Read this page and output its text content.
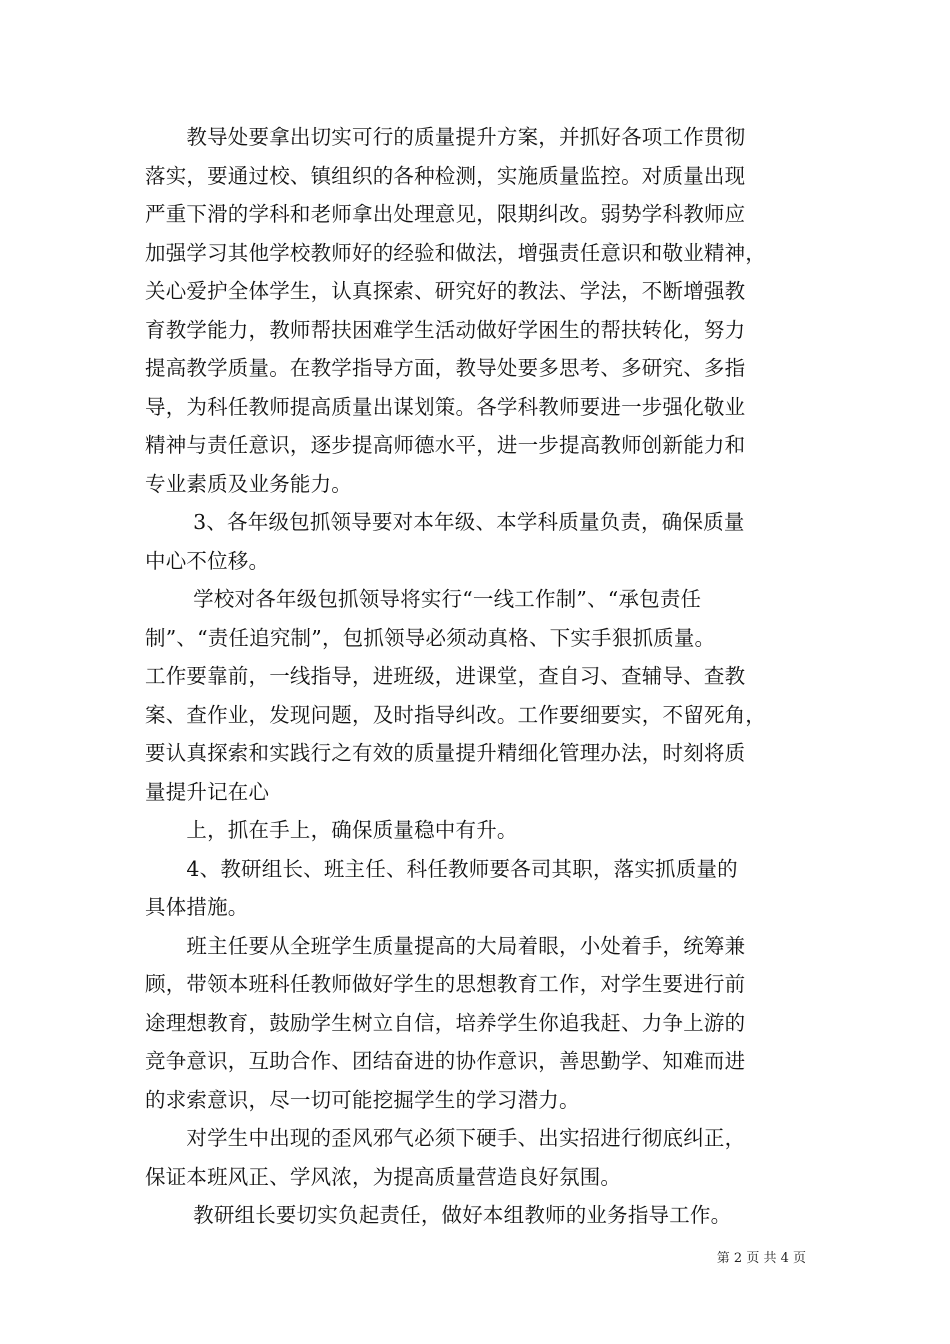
　　教导处要拿出切实可行的质量提升方案，并抓好各项工作贯彻
落实，要通过校、镇组织的各种检测，实施质量监控。对质量出现
严重下滑的学科和老师拿出处理意见，限期纠改。弱势学科教师应
加强学习其他学校教师好的经验和做法，增强责任意识和敬业精神，
关心爱护全体学生，认真探索、研究好的教法、学法，不断增强教
育教学能力，教师帮扶困难学生活动做好学困生的帮扶转化，努力
提高教学质量。在教学指导方面，教导处要多思考、多研究、多指
导，为科任教师提高质量出谋划策。各学科教师要进一步强化敬业
精神与责任意识，逐步提高师德水平，进一步提高教师创新能力和
专业素质及业务能力。
　　 3、各年级包抓领导要对本年级、本学科质量负责，确保质量
中心不位移。
　　 学校对各年级包抓领导将实行“一线工作制”、“承包责任
制”、“责任追究制”，包抓领导必须动真格、下实手狠抓质量。
工作要靠前，一线指导，进班级，进课堂，查自习、查辅导、查教
案、查作业，发现问题，及时指导纠改。工作要细要实，不留死角，
要认真探索和实践行之有效的质量提升精细化管理办法，时刻将质
量提升记在心
　　上，抓在手上，确保质量稳中有升。
　　4、教研组长、班主任、科任教师要各司其职，落实抓质量的
具体措施。
　　班主任要从全班学生质量提高的大局着眼，小处着手，统筹兼
顾，带领本班科任教师做好学生的思想教育工作，对学生要进行前
途理想教育，鼓励学生树立自信，培养学生你追我赶、力争上游的
竞争意识，互助合作、团结奋进的协作意识，善思勤学、知难而进
的求索意识，尽一切可能挖掘学生的学习潜力。
　　对学生中出现的歪风邪气必须下硬手、出实招进行彻底纠正，
保证本班风正、学风浓，为提高质量营造良好氛围。
　　 教研组长要切实负起责任，做好本组教师的业务指导工作。
第 2 页 共 4 页
